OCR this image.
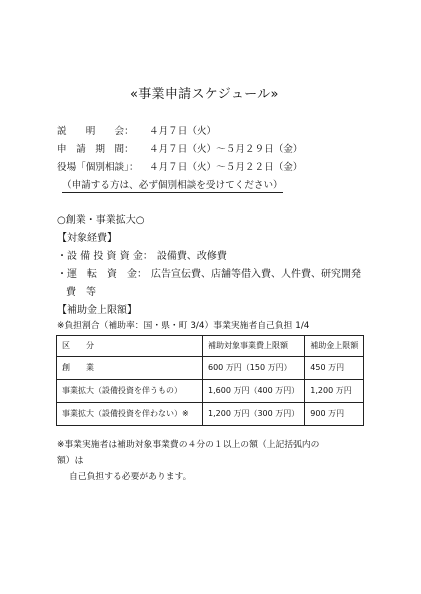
«事業申請スケジュール»
説　　明　　会： ４月７日（火）
申　請　期　間： ４月７日（火）～５月２９日（金）
役場「個別相談」： ４月７日（火）～５月２２日（金）
（申請する方は、必ず個別相談を受けてください）
○創業・事業拡大○
【対象経費】
・設 備 投 資 資 金： 設備費、改修費
・運　転　資　金： 広告宣伝費、店舗等借入費、人件費、研究開発
費　等
【補助金上限額】
※負担割合（補助率：国・県・町 3/4）事業実施者自己負担 1/4
区　　分	補助対象事業費上限額	補助金上限額
創　　業	600 万円（150 万円）	450 万円
事業拡大（設備投資を伴うもの）	1,600 万円（400 万円）	1,200 万円
事業拡大（設備投資を伴わない）※	1,200 万円（300 万円）	900 万円
※事業実施者は補助対象事業費の４分の１以上の額（上記括弧内の
額）は
自己負担する必要があります。
